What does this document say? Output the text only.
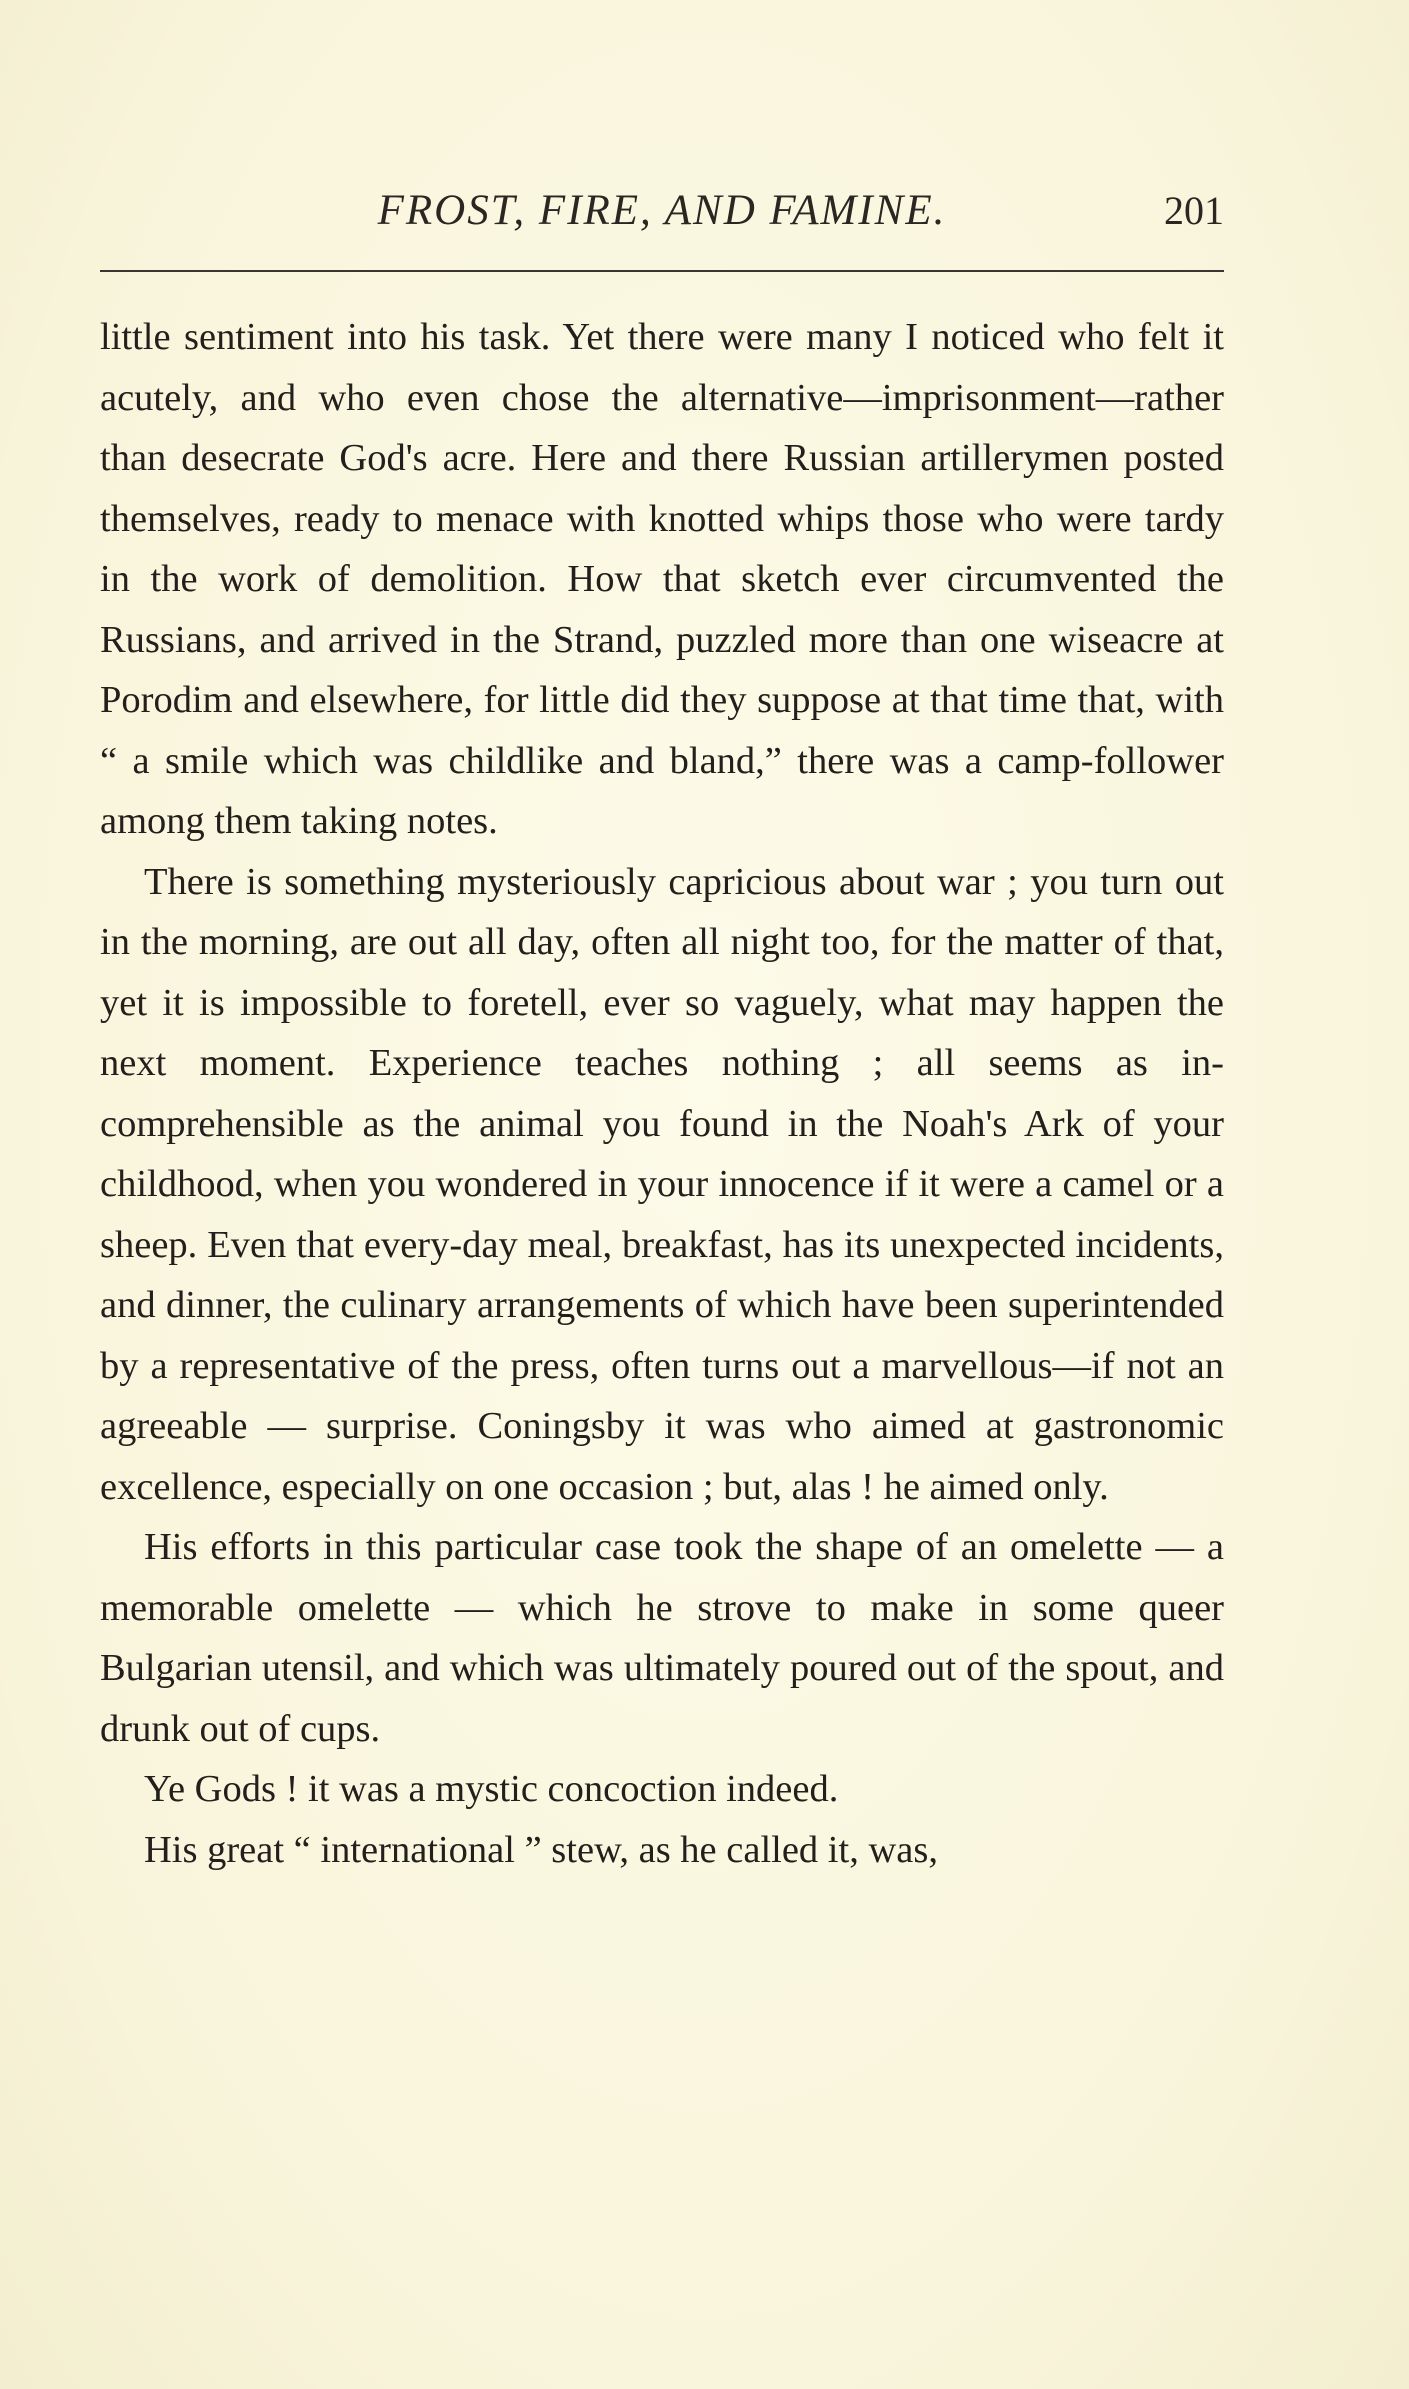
FROST, FIRE, AND FAMINE.	201

little sentiment into his task. Yet there were many I noticed who felt it acutely, and who even chose the alternative—imprisonment—rather than desecrate God's acre. Here and there Russian artillerymen posted themselves, ready to menace with knotted whips those who were tardy in the work of demolition. How that sketch ever circumvented the Russians, and arrived in the Strand, puzzled more than one wiseacre at Porodim and elsewhere, for little did they suppose at that time that, with “ a smile which was childlike and bland,” there was a camp-follower among them taking notes.

There is something mysteriously capricious about war ; you turn out in the morning, are out all day, often all night too, for the matter of that, yet it is impossible to foretell, ever so vaguely, what may happen the next moment. Experience teaches nothing ; all seems as incomprehensible as the animal you found in the Noah's Ark of your childhood, when you wondered in your innocence if it were a camel or a sheep. Even that every-day meal, breakfast, has its unexpected incidents, and dinner, the culinary arrangements of which have been superintended by a representative of the press, often turns out a marvellous—if not an agreeable — surprise. Coningsby it was who aimed at gastronomic excellence, especially on one occasion ; but, alas ! he aimed only.

His efforts in this particular case took the shape of an omelette — a memorable omelette — which he strove to make in some queer Bulgarian utensil, and which was ultimately poured out of the spout, and drunk out of cups.

Ye Gods ! it was a mystic concoction indeed.

His great “ international ” stew, as he called it, was,
